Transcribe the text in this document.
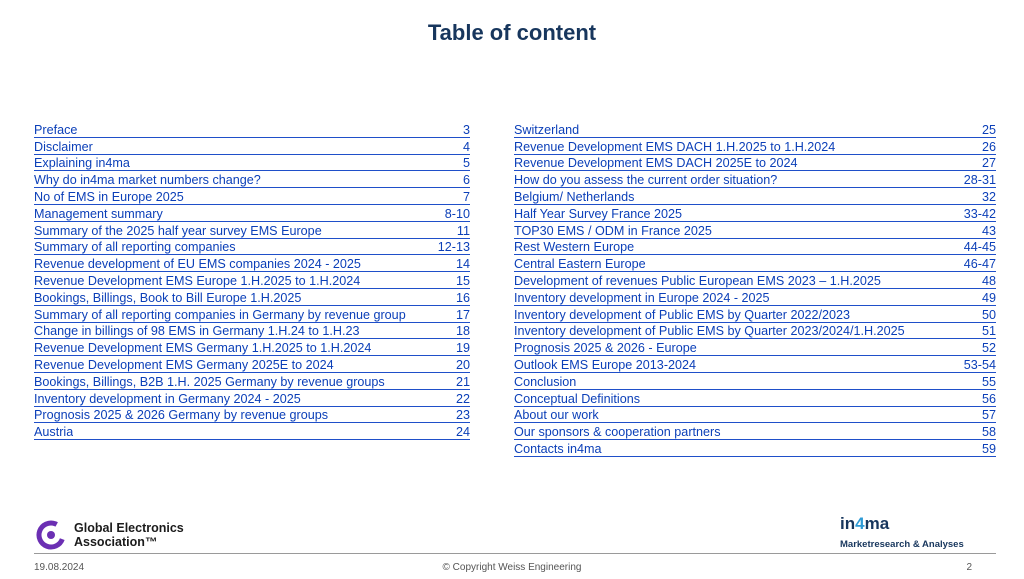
Table of content
Preface	3
Disclaimer	4
Explaining in4ma	5
Why do in4ma market numbers change?	6
No of EMS in Europe 2025	7
Management summary	8-10
Summary of the 2025 half year survey EMS Europe	11
Summary of all reporting companies	12-13
Revenue development of EU EMS companies 2024 - 2025	14
Revenue Development EMS Europe 1.H.2025 to 1.H.2024	15
Bookings, Billings, Book to Bill Europe 1.H.2025	16
Summary of all reporting companies in Germany by revenue group	17
Change in billings of 98 EMS in Germany 1.H.24 to 1.H.23	18
Revenue Development EMS Germany 1.H.2025 to 1.H.2024	19
Revenue Development EMS Germany 2025E to 2024	20
Bookings, Billings, B2B 1.H. 2025 Germany by revenue groups	21
Inventory development in Germany 2024 - 2025	22
Prognosis 2025 & 2026 Germany by revenue groups	23
Austria	24
Switzerland	25
Revenue Development EMS DACH 1.H.2025 to 1.H.2024	26
Revenue Development EMS DACH 2025E to 2024	27
How do you assess the current order situation?	28-31
Belgium/ Netherlands	32
Half Year Survey France 2025	33-42
TOP30 EMS / ODM in France 2025	43
Rest Western Europe	44-45
Central Eastern Europe	46-47
Development of revenues Public European EMS 2023 – 1.H.2025	48
Inventory development in Europe 2024 - 2025	49
Inventory development of Public EMS by Quarter 2022/2023	50
Inventory development of Public EMS by Quarter 2023/2024/1.H.2025	51
Prognosis 2025 & 2026 - Europe	52
Outlook EMS Europe 2013-2024	53-54
Conclusion	55
Conceptual Definitions	56
About our work	57
Our sponsors & cooperation partners	58
Contacts in4ma	59
Global Electronics
Association™
in4ma
Marketresearch & Analyses
19.08.2024	© Copyright Weiss Engineering	2
